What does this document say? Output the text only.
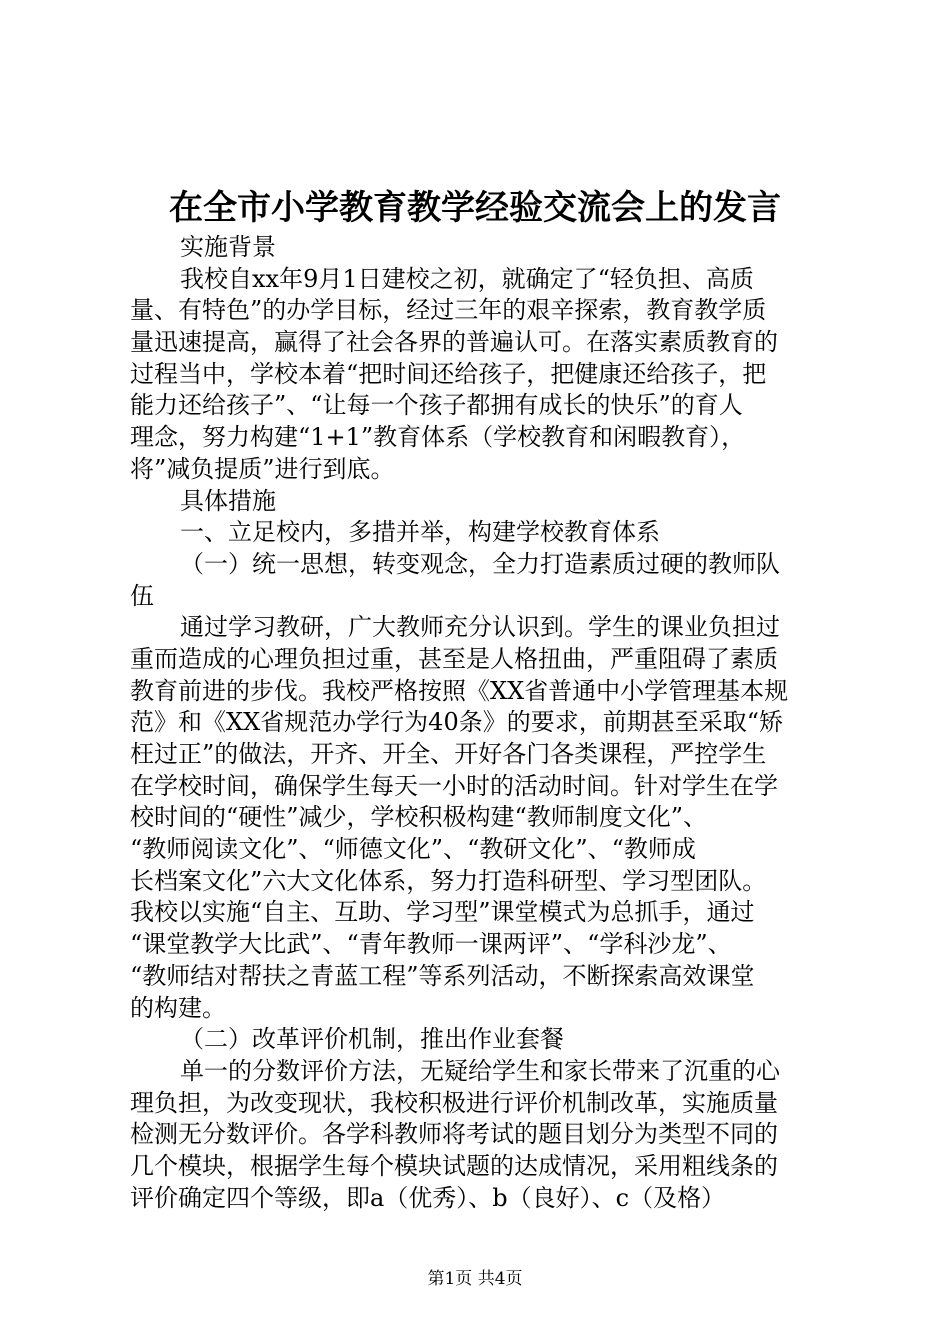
在全市小学教育教学经验交流会上的发言
实施背景
我校自xx年9月1日建校之初，就确定了“轻负担、高质
量、有特色”的办学目标，经过三年的艰辛探索，教育教学质
量迅速提高，赢得了社会各界的普遍认可。在落实素质教育的
过程当中，学校本着“把时间还给孩子，把健康还给孩子，把
能力还给孩子”、“让每一个孩子都拥有成长的快乐”的育人
理念，努力构建“1+1”教育体系（学校教育和闲暇教育），
将”减负提质”进行到底。
具体措施
一、立足校内，多措并举，构建学校教育体系
（一）统一思想，转变观念，全力打造素质过硬的教师队
伍
通过学习教研，广大教师充分认识到。学生的课业负担过
重而造成的心理负担过重，甚至是人格扭曲，严重阻碍了素质
教育前进的步伐。我校严格按照《XX省普通中小学管理基本规
范》和《XX省规范办学行为40条》的要求，前期甚至采取“矫
枉过正”的做法，开齐、开全、开好各门各类课程，严控学生
在学校时间，确保学生每天一小时的活动时间。针对学生在学
校时间的“硬性”减少，学校积极构建“教师制度文化”、
“教师阅读文化”、“师德文化”、“教研文化”、“教师成
长档案文化”六大文化体系，努力打造科研型、学习型团队。
我校以实施“自主、互助、学习型”课堂模式为总抓手，通过
“课堂教学大比武”、“青年教师一课两评”、“学科沙龙”、
“教师结对帮扶之青蓝工程”等系列活动，不断探索高效课堂
的构建。
（二）改革评价机制，推出作业套餐
单一的分数评价方法，无疑给学生和家长带来了沉重的心
理负担，为改变现状，我校积极进行评价机制改革，实施质量
检测无分数评价。各学科教师将考试的题目划分为类型不同的
几个模块，根据学生每个模块试题的达成情况，采用粗线条的
评价确定四个等级，即a（优秀）、b（良好）、c（及格）
第1页 共4页
